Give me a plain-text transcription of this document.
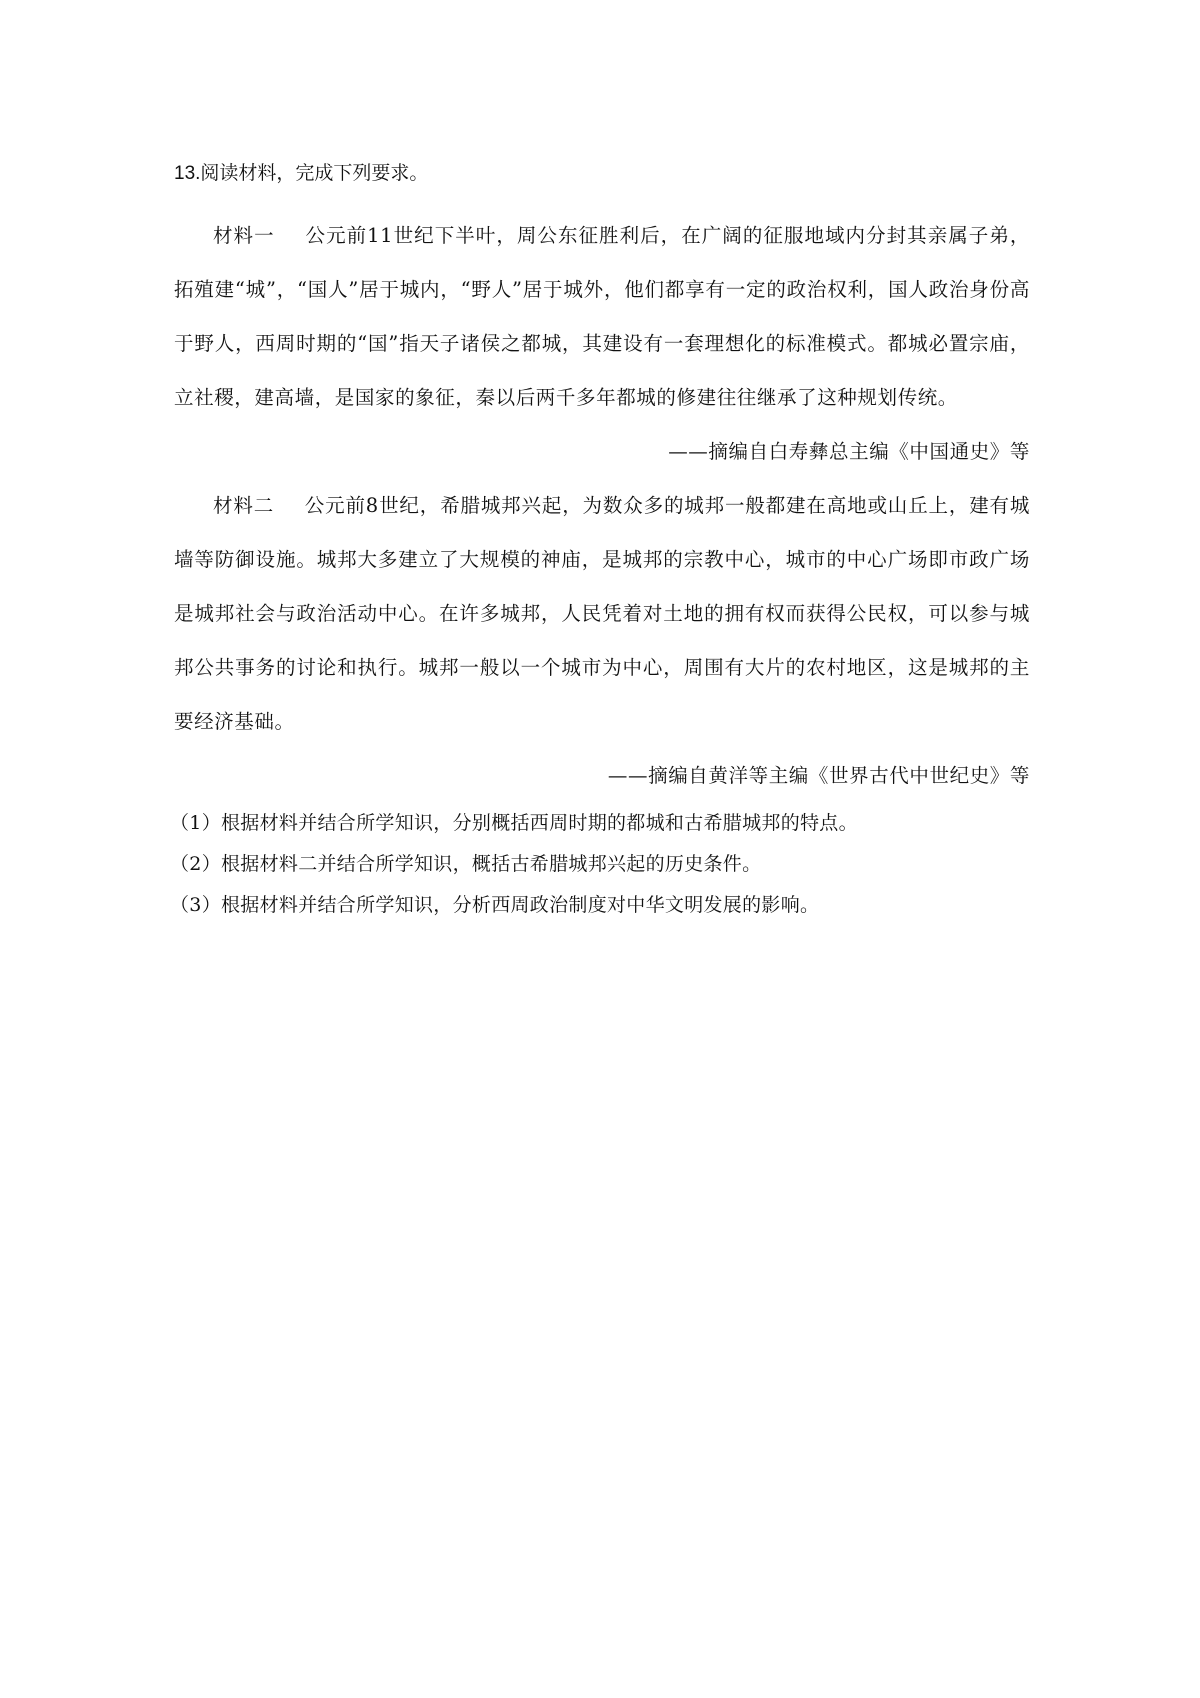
13.阅读材料，完成下列要求。

材料一   公元前11世纪下半叶，周公东征胜利后，在广阔的征服地域内分封其亲属子弟，拓殖建“城”，“国人”居于城内，“野人”居于城外，他们都享有一定的政治权利，国人政治身份高于野人，西周时期的“国”指天子诸侯之都城，其建设有一套理想化的标准模式。都城必置宗庙，立社稷，建高墙，是国家的象征，秦以后两千多年都城的修建往往继承了这种规划传统。

——摘编自白寿彝总主编《中国通史》等

材料二   公元前8世纪，希腊城邦兴起，为数众多的城邦一般都建在高地或山丘上，建有城墙等防御设施。城邦大多建立了大规模的神庙，是城邦的宗教中心，城市的中心广场即市政广场是城邦社会与政治活动中心。在许多城邦，人民凭着对土地的拥有权而获得公民权，可以参与城邦公共事务的讨论和执行。城邦一般以一个城市为中心，周围有大片的农村地区，这是城邦的主要经济基础。

——摘编自黄洋等主编《世界古代中世纪史》等

（1）根据材料并结合所学知识，分别概括西周时期的都城和古希腊城邦的特点。

（2）根据材料二并结合所学知识，概括古希腊城邦兴起的历史条件。

（3）根据材料并结合所学知识，分析西周政治制度对中华文明发展的影响。
